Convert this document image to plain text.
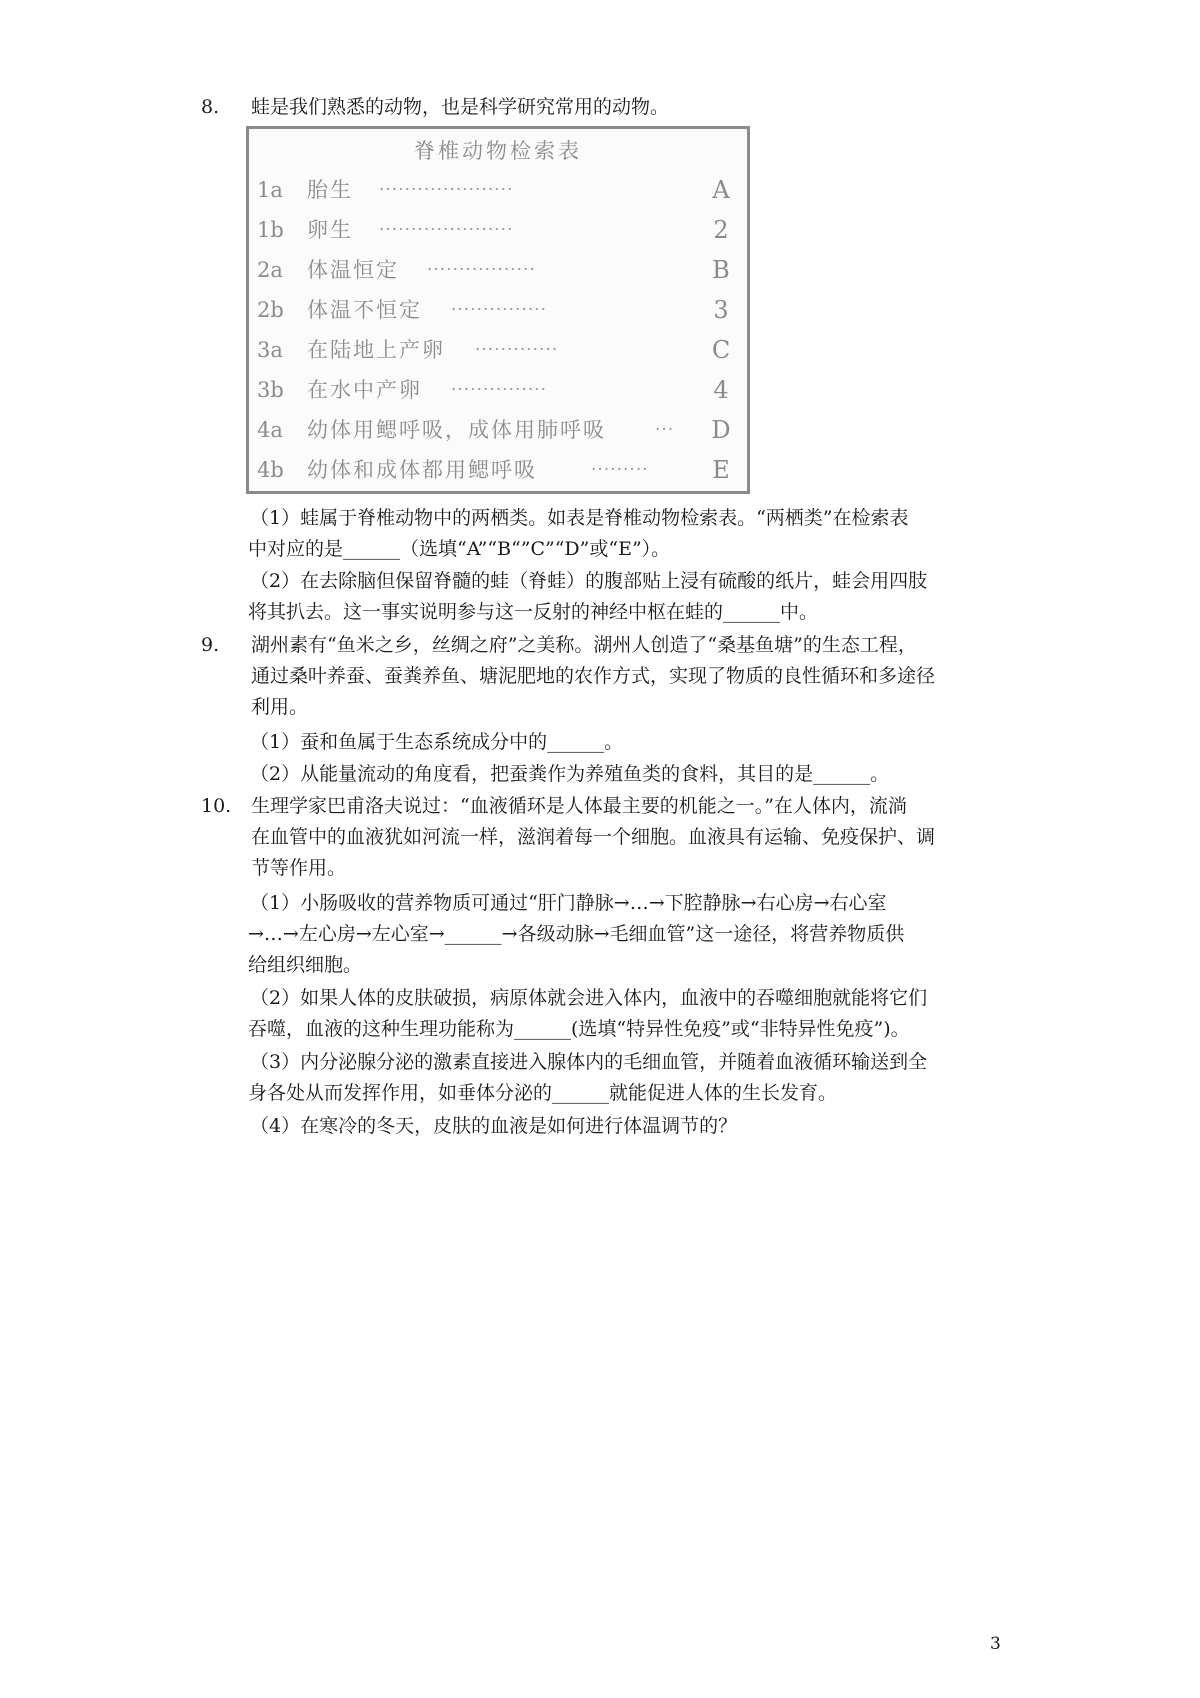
8.	蛙是我们熟悉的动物，也是科学研究常用的动物。
脊椎动物检索表
1a	胎生 ·····················	A
1b	卵生 ·····················	2
2a	体温恒定 ·················	B
2b	体温不恒定 ···············	3
3a	在陆地上产卵 ·············	C
3b	在水中产卵 ···············	4
4a	幼体用鳃呼吸，成体用肺呼吸	··· D
4b	幼体和成体都用鳃呼吸	·········	E
（1）蛙属于脊椎动物中的两栖类。如表是脊椎动物检索表。“两栖类”在检索表
中对应的是______（选填“A”“B“”C”“D”或“E”）。
（2）在去除脑但保留脊髓的蛙（脊蛙）的腹部贴上浸有硫酸的纸片，蛙会用四肢
将其扒去。这一事实说明参与这一反射的神经中枢在蛙的______中。
9.	湖州素有“鱼米之乡，丝绸之府”之美称。湖州人创造了“桑基鱼塘”的生态工程，
通过桑叶养蚕、蚕粪养鱼、塘泥肥地的农作方式，实现了物质的良性循环和多途径
利用。
（1）蚕和鱼属于生态系统成分中的______。
（2）从能量流动的角度看，把蚕粪作为养殖鱼类的食料，其目的是______。
10.	生理学家巴甫洛夫说过：“血液循环是人体最主要的机能之一。”在人体内，流淌
在血管中的血液犹如河流一样，滋润着每一个细胞。血液具有运输、免疫保护、调
节等作用。
（1）小肠吸收的营养物质可通过“肝门静脉→…→下腔静脉→右心房→右心室
→…→左心房→左心室→______→各级动脉→毛细血管”这一途径，将营养物质供
给组织细胞。
（2）如果人体的皮肤破损，病原体就会进入体内，血液中的吞噬细胞就能将它们
吞噬，血液的这种生理功能称为______(选填“特异性免疫”或“非特异性免疫”)。
（3）内分泌腺分泌的激素直接进入腺体内的毛细血管，并随着血液循环输送到全
身各处从而发挥作用，如垂体分泌的______就能促进人体的生长发育。
（4）在寒冷的冬天，皮肤的血液是如何进行体温调节的？
3
